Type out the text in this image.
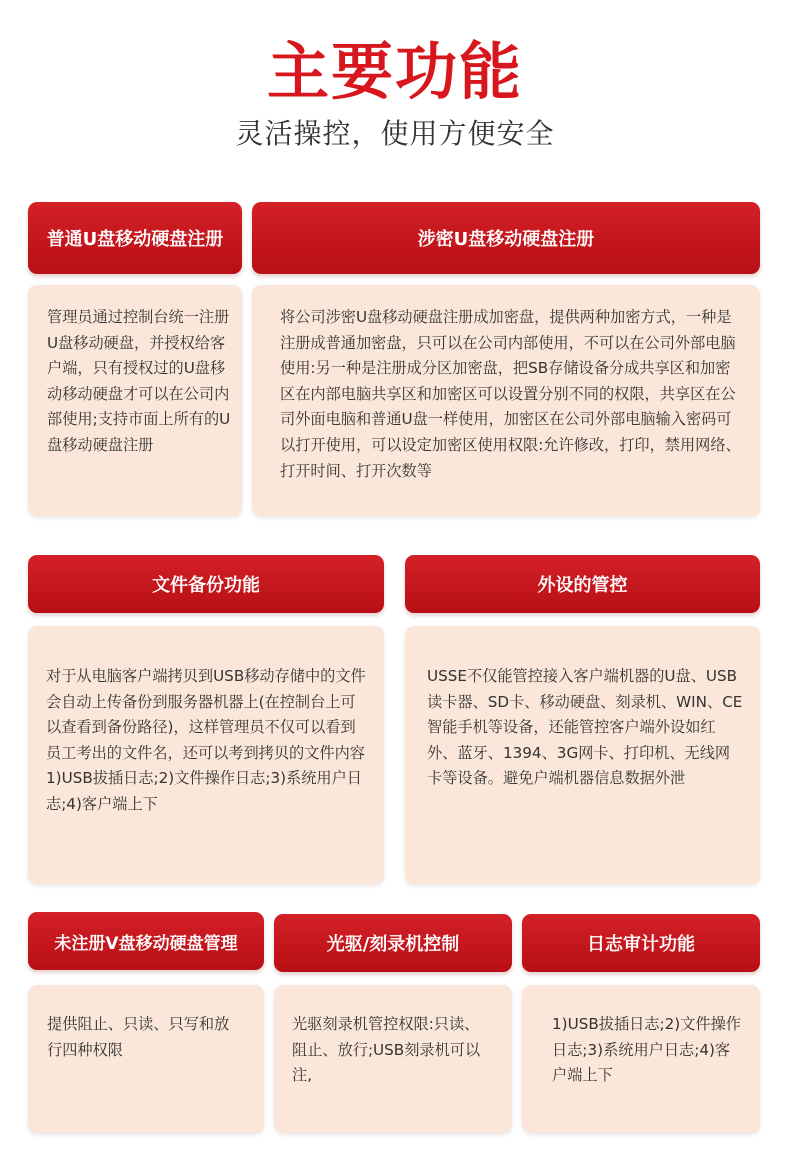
主要功能
灵活操控，使用方便安全
普通U盘移动硬盘注册	涉密U盘移动硬盘注册

管理员通过控制台统一注册U盘移动硬盘，并授权给客户端，只有授权过的U盘移动移动硬盘才可以在公司内部使用;支持市面上所有的U盘移动硬盘注册

将公司涉密U盘移动硬盘注册成加密盘，提供两种加密方式，一种是注册成普通加密盘，只可以在公司内部使用，不可以在公司外部电脑使用:另一种是注册成分区加密盘，把SB存储设备分成共享区和加密区在内部电脑共享区和加密区可以设置分别不同的权限，共享区在公司外面电脑和普通U盘一样使用，加密区在公司外部电脑输入密码可以打开使用，可以设定加密区使用权限:允许修改，打印，禁用网络、打开时间、打开次数等

文件备份功能	外设的管控

对于从电脑客户端拷贝到USB移动存储中的文件会自动上传备份到服务器机器上(在控制台上可以查看到备份路径)，这样管理员不仅可以看到员工考出的文件名，还可以考到拷贝的文件内容1)USB拔插日志;2)文件操作日志;3)系统用户日志;4)客户端上下

USSE不仅能管控接入客户端机器的U盘、USB读卡器、SD卡、移动硬盘、刻录机、WIN、CE智能手机等设备，还能管控客户端外设如红外、蓝牙、1394、3G网卡、打印机、无线网卡等设备。避免户端机器信息数据外泄

未注册V盘移动硬盘管理	光驱/刻录机控制	日志审计功能

提供阻止、只读、只写和放行四种权限

光驱刻录机管控权限:只读、阻止、放行;USB刻录机可以注,

1)USB拔插日志;2)文件操作日志;3)系统用户日志;4)客户端上下
